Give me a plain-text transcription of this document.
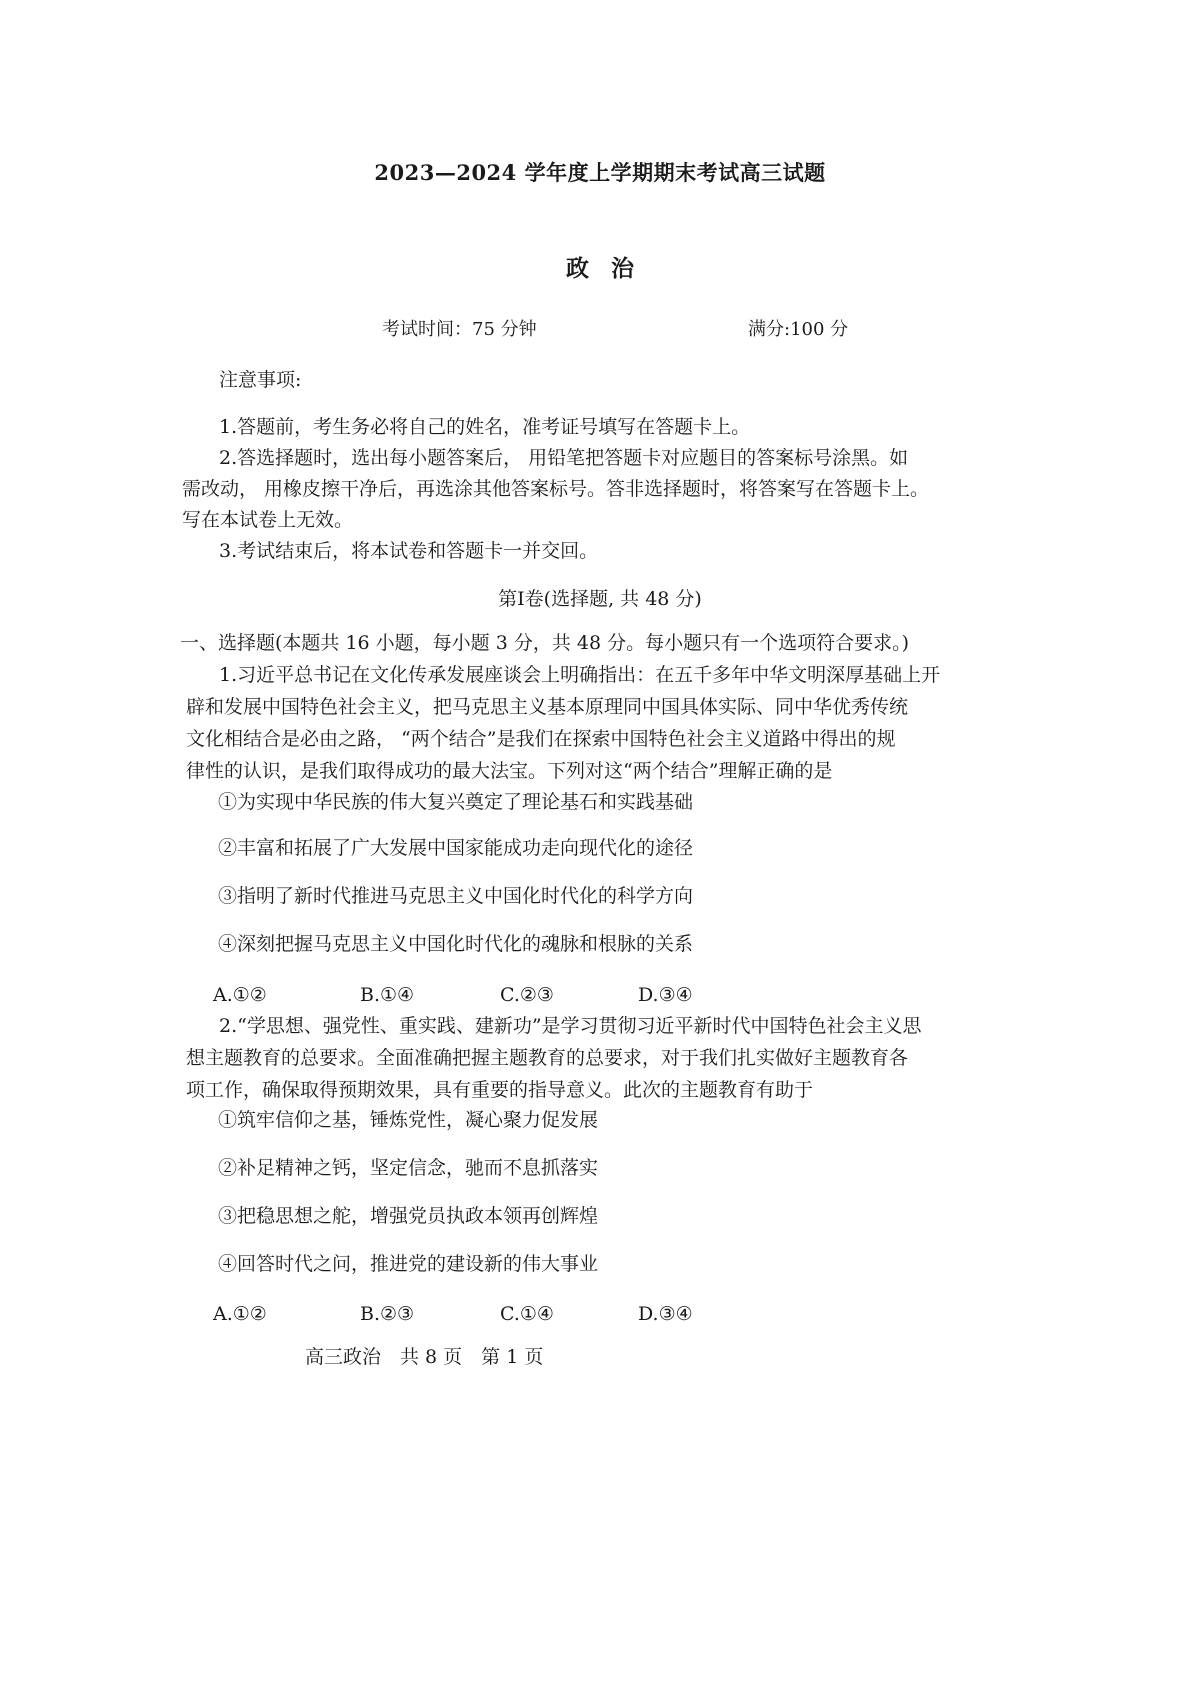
2023—2024 学年度上学期期末考试高三试题
政治
考试时间：75 分钟	满分:100 分
注意事项:
1.答题前，考生务必将自己的姓名，准考证号填写在答题卡上。
2.答选择题时，选出每小题答案后， 用铅笔把答题卡对应题目的答案标号涂黑。如
需改动， 用橡皮擦干净后，再选涂其他答案标号。答非选择题时，将答案写在答题卡上。
写在本试卷上无效。
3.考试结束后，将本试卷和答题卡一并交回。
第Ⅰ卷(选择题, 共 48 分)
一、选择题(本题共 16 小题，每小题 3 分，共 48 分。每小题只有一个选项符合要求。)
1.习近平总书记在文化传承发展座谈会上明确指出：在五千多年中华文明深厚基础上开
辟和发展中国特色社会主义，把马克思主义基本原理同中国具体实际、同中华优秀传统
文化相结合是必由之路， “两个结合”是我们在探索中国特色社会主义道路中得出的规
律性的认识，是我们取得成功的最大法宝。下列对这“两个结合”理解正确的是
①为实现中华民族的伟大复兴奠定了理论基石和实践基础
②丰富和拓展了广大发展中国家能成功走向现代化的途径
③指明了新时代推进马克思主义中国化时代化的科学方向
④深刻把握马克思主义中国化时代化的魂脉和根脉的关系
A.①②	B.①④	C.②③	D.③④
2.“学思想、强党性、重实践、建新功”是学习贯彻习近平新时代中国特色社会主义思
想主题教育的总要求。全面准确把握主题教育的总要求，对于我们扎实做好主题教育各
项工作，确保取得预期效果，具有重要的指导意义。此次的主题教育有助于
①筑牢信仰之基，锤炼党性，凝心聚力促发展
②补足精神之钙，坚定信念，驰而不息抓落实
③把稳思想之舵，增强党员执政本领再创辉煌
④回答时代之问，推进党的建设新的伟大事业
A.①②	B.②③	C.①④	D.③④
高三政治　共 8 页　第 1 页
